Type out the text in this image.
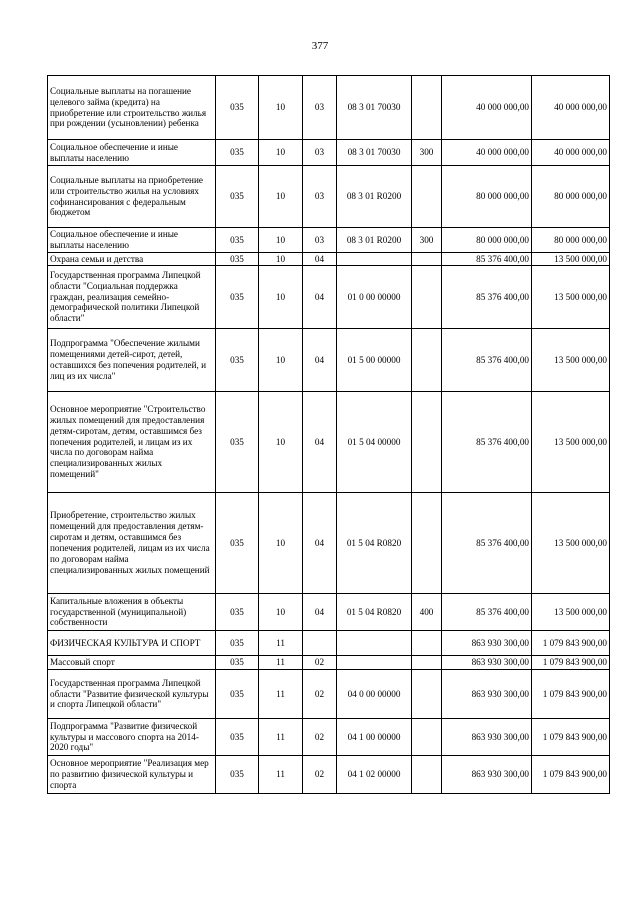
377
Социальные выплаты на погашение целевого займа (кредита) на приобретение или строительство жилья при рождении (усыновлении) ребенка	035	10	03	08 3 01 70030		40 000 000,00	40 000 000,00
Социальное обеспечение и иные выплаты населению	035	10	03	08 3 01 70030	300	40 000 000,00	40 000 000,00
Социальные выплаты на приобретение или строительство жилья на условиях софинансирования с федеральным бюджетом	035	10	03	08 3 01 R0200		80 000 000,00	80 000 000,00
Социальное обеспечение и иные выплаты населению	035	10	03	08 3 01 R0200	300	80 000 000,00	80 000 000,00
Охрана семьи и детства	035	10	04			85 376 400,00	13 500 000,00
Государственная программа Липецкой области "Социальная поддержка граждан, реализация семейно-демографической политики Липецкой области"	035	10	04	01 0 00 00000		85 376 400,00	13 500 000,00
Подпрограмма "Обеспечение жилыми помещениями детей-сирот, детей, оставшихся без попечения родителей, и лиц из их числа"	035	10	04	01 5 00 00000		85 376 400,00	13 500 000,00
Основное мероприятие "Строительство жилых помещений для предоставления детям-сиротам, детям, оставшимся без попечения родителей, и лицам из их числа по договорам найма специализированных жилых помещений"	035	10	04	01 5 04 00000		85 376 400,00	13 500 000,00
Приобретение, строительство жилых помещений для предоставления детям-сиротам и детям, оставшимся без попечения родителей, лицам из их числа по договорам найма специализированных жилых помещений	035	10	04	01 5 04 R0820		85 376 400,00	13 500 000,00
Капитальные вложения в объекты государственной (муниципальной) собственности	035	10	04	01 5 04 R0820	400	85 376 400,00	13 500 000,00
ФИЗИЧЕСКАЯ КУЛЬТУРА И СПОРТ	035	11				863 930 300,00	1 079 843 900,00
Массовый спорт	035	11	02			863 930 300,00	1 079 843 900,00
Государственная программа Липецкой области "Развитие физической культуры и спорта Липецкой области"	035	11	02	04 0 00 00000		863 930 300,00	1 079 843 900,00
Подпрограмма "Развитие физической культуры и массового спорта на 2014-2020 годы"	035	11	02	04 1 00 00000		863 930 300,00	1 079 843 900,00
Основное мероприятие "Реализация мер по развитию физической культуры и спорта	035	11	02	04 1 02 00000		863 930 300,00	1 079 843 900,00
